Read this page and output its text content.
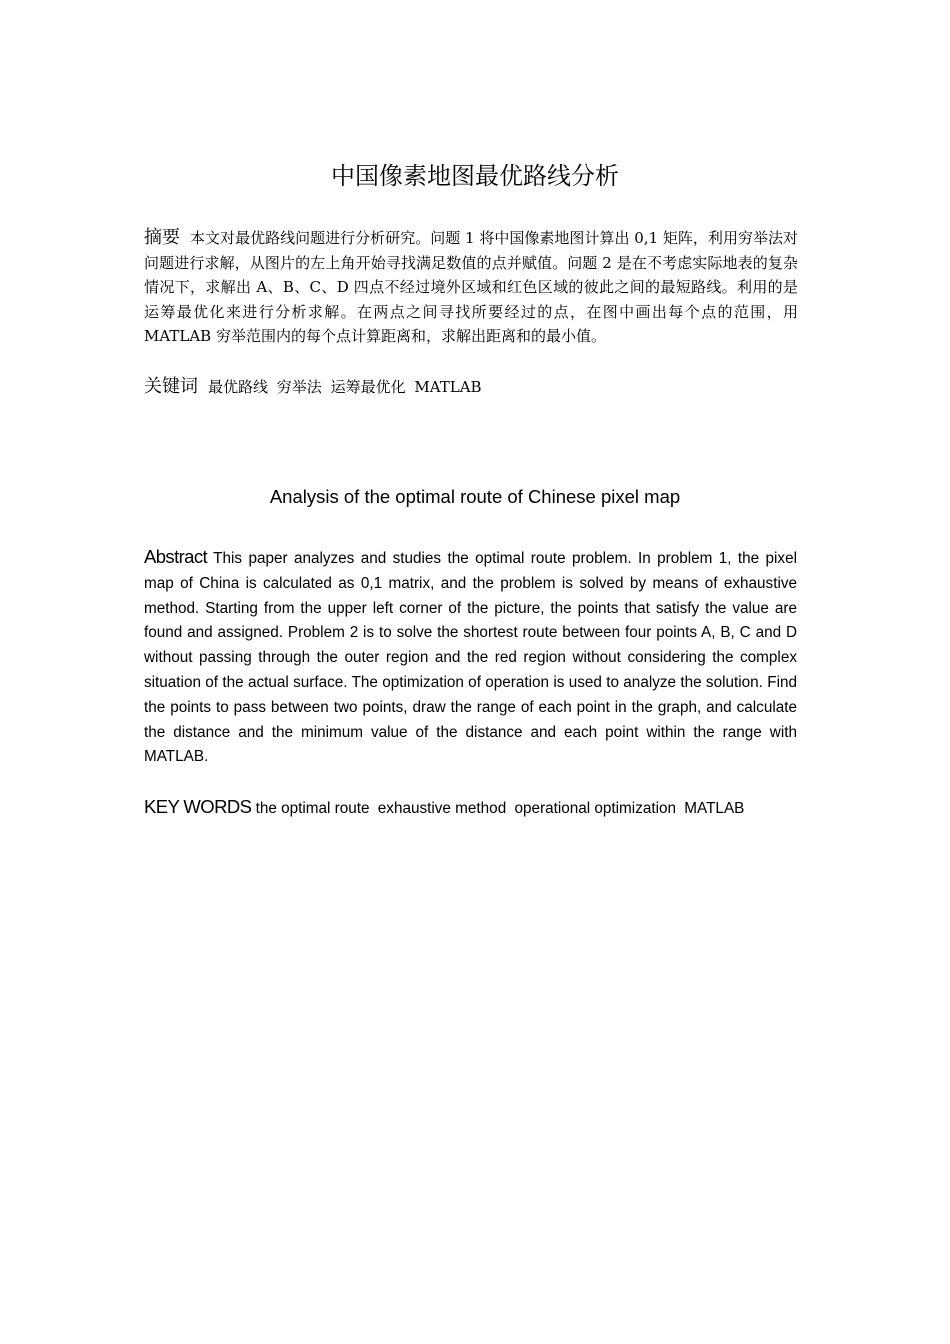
中国像素地图最优路线分析
摘要 本文对最优路线问题进行分析研究。问题 1 将中国像素地图计算出 0,1 矩阵，利用穷举法对问题进行求解，从图片的左上角开始寻找满足数值的点并赋值。问题 2 是在不考虑实际地表的复杂情况下，求解出 A、B、C、D 四点不经过境外区域和红色区域的彼此之间的最短路线。利用的是运筹最优化来进行分析求解。在两点之间寻找所要经过的点，在图中画出每个点的范围，用 MATLAB 穷举范围内的每个点计算距离和，求解出距离和的最小值。
关键词 最优路线 穷举法 运筹最优化 MATLAB
Analysis of the optimal route of Chinese pixel map
Abstract This paper analyzes and studies the optimal route problem. In problem 1, the pixel map of China is calculated as 0,1 matrix, and the problem is solved by means of exhaustive method. Starting from the upper left corner of the picture, the points that satisfy the value are found and assigned. Problem 2 is to solve the shortest route between four points A, B, C and D without passing through the outer region and the red region without considering the complex situation of the actual surface. The optimization of operation is used to analyze the solution. Find the points to pass between two points, draw the range of each point in the graph, and calculate the distance and the minimum value of the distance and each point within the range with MATLAB.
KEY WORDS the optimal route exhaustive method operational optimization MATLAB
